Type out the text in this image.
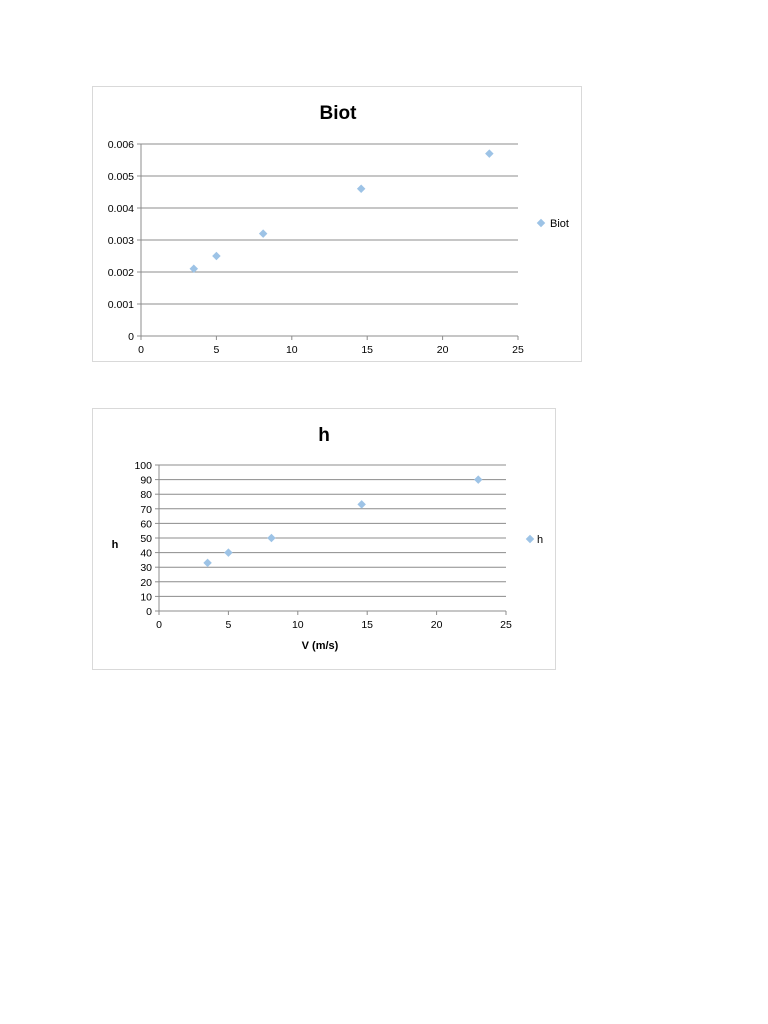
Biot
0
0.001
0.002
0.003
0.004
0.005
0.006
0	5	10	15	20	25
Biot
h
0
10
20
30
40
50
60
70
80
90
100
0	5	10	15	20	25
h
V (m/s)
h
